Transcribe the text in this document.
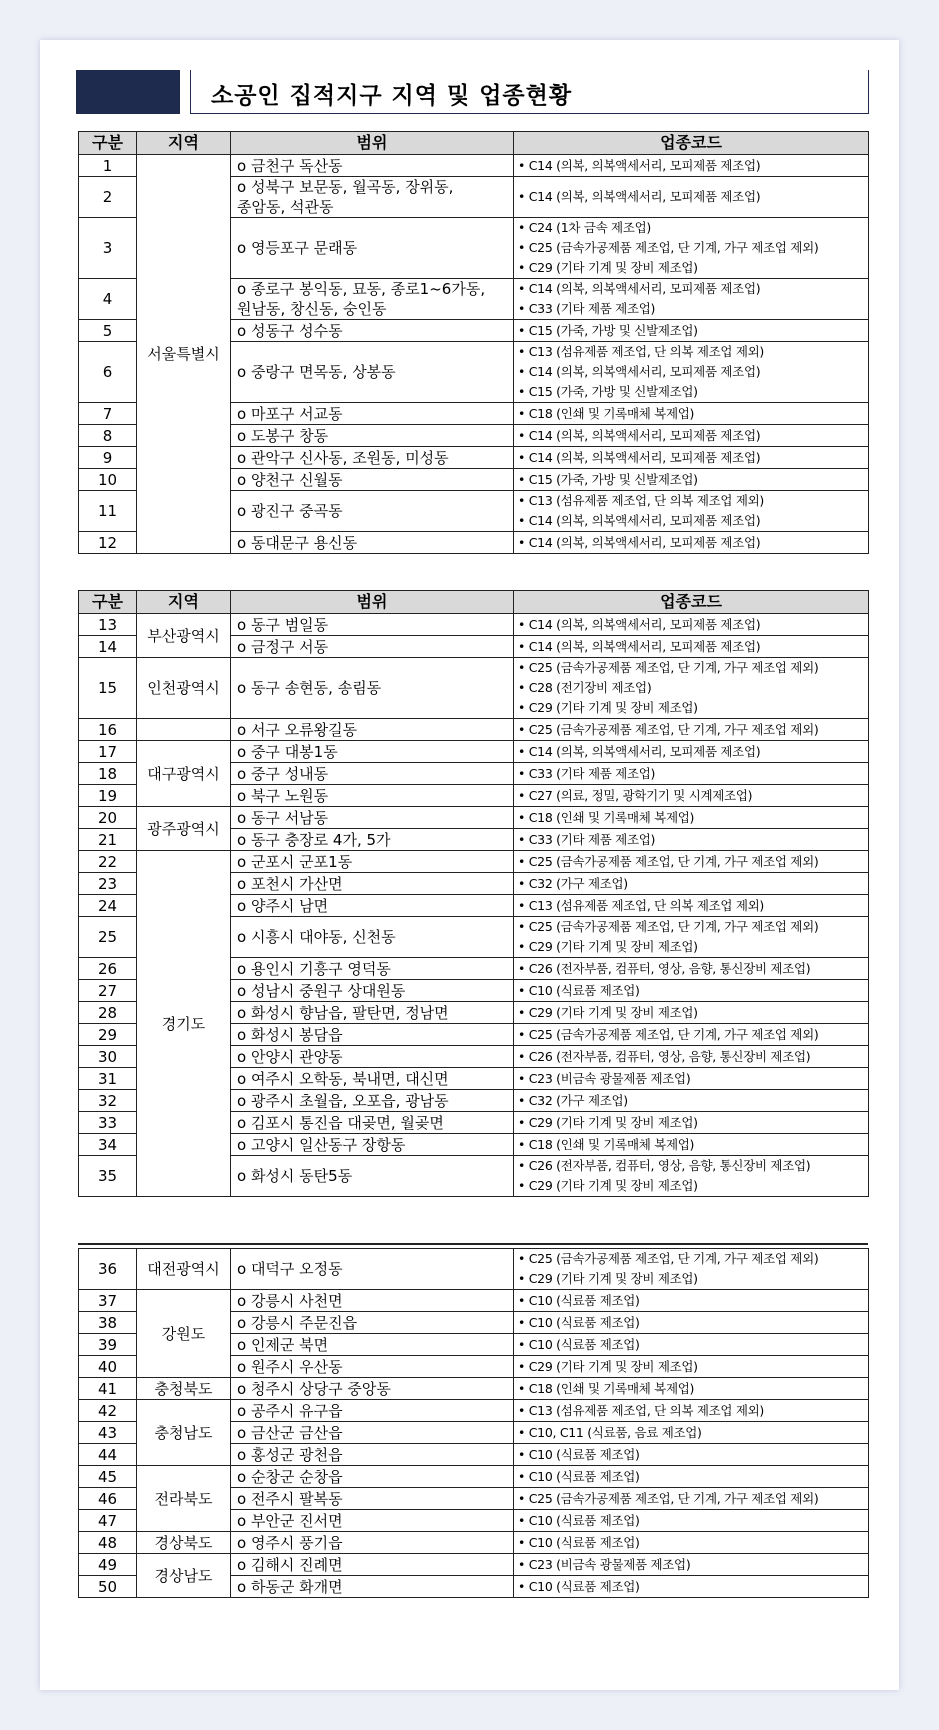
소공인 집적지구 지역 및 업종현황
구분	지역	범위	업종코드
1	서울특별시	o 금천구 독산동	• C14 (의복, 의복액세서리, 모피제품 제조업)

2		o 성북구 보문동, 월곡동, 장위동,
종암동, 석관동	• C14 (의복, 의복액세서리, 모피제품 제조업)

3		o 영등포구 문래동	• C24 (1차 금속 제조업)
• C25 (금속가공제품 제조업, 단 기계, 가구 제조업 제외)
• C29 (기타 기계 및 장비 제조업)

4		o 종로구 봉익동, 묘동, 종로1~6가동,
원남동, 창신동, 숭인동	• C14 (의복, 의복액세서리, 모피제품 제조업)
• C33 (기타 제품 제조업)

5		o 성동구 성수동	• C15 (가죽, 가방 및 신발제조업)

6		o 중랑구 면목동, 상봉동	• C13 (섬유제품 제조업, 단 의복 제조업 제외)
• C14 (의복, 의복액세서리, 모피제품 제조업)
• C15 (가죽, 가방 및 신발제조업)

7		o 마포구 서교동	• C18 (인쇄 및 기록매체 복제업)

8		o 도봉구 창동	• C14 (의복, 의복액세서리, 모피제품 제조업)

9		o 관악구 신사동, 조원동, 미성동	• C14 (의복, 의복액세서리, 모피제품 제조업)

10		o 양천구 신월동	• C15 (가죽, 가방 및 신발제조업)

11		o 광진구 중곡동	• C13 (섬유제품 제조업, 단 의복 제조업 제외)
• C14 (의복, 의복액세서리, 모피제품 제조업)

12		o 동대문구 용신동	• C14 (의복, 의복액세서리, 모피제품 제조업)
구분	지역	범위	업종코드
13	부산광역시	o 동구 범일동	• C14 (의복, 의복액세서리, 모피제품 제조업)

14		o 금정구 서동	• C14 (의복, 의복액세서리, 모피제품 제조업)

15	인천광역시	o 동구 송현동, 송림동	• C25 (금속가공제품 제조업, 단 기계, 가구 제조업 제외)
• C28 (전기장비 제조업)
• C29 (기타 기계 및 장비 제조업)

16		o 서구 오류왕길동	• C25 (금속가공제품 제조업, 단 기계, 가구 제조업 제외)

17	대구광역시	o 중구 대봉1동	• C14 (의복, 의복액세서리, 모피제품 제조업)

18		o 중구 성내동	• C33 (기타 제품 제조업)

19		o 북구 노원동	• C27 (의료, 정밀, 광학기기 및 시계제조업)

20	광주광역시	o 동구 서남동	• C18 (인쇄 및 기록매체 복제업)

21		o 동구 충장로 4가, 5가	• C33 (기타 제품 제조업)

22	경기도	o 군포시 군포1동	• C25 (금속가공제품 제조업, 단 기계, 가구 제조업 제외)

23		o 포천시 가산면	• C32 (가구 제조업)

24		o 양주시 남면	• C13 (섬유제품 제조업, 단 의복 제조업 제외)

25		o 시흥시 대야동, 신천동	• C25 (금속가공제품 제조업, 단 기계, 가구 제조업 제외)
• C29 (기타 기계 및 장비 제조업)

26		o 용인시 기흥구 영덕동	• C26 (전자부품, 컴퓨터, 영상, 음향, 통신장비 제조업)

27		o 성남시 중원구 상대원동	• C10 (식료품 제조업)

28		o 화성시 향남읍, 팔탄면, 정남면	• C29 (기타 기계 및 장비 제조업)

29		o 화성시 봉담읍	• C25 (금속가공제품 제조업, 단 기계, 가구 제조업 제외)

30		o 안양시 관양동	• C26 (전자부품, 컴퓨터, 영상, 음향, 통신장비 제조업)

31		o 여주시 오학동, 북내면, 대신면	• C23 (비금속 광물제품 제조업)

32		o 광주시 초월읍, 오포읍, 광남동	• C32 (가구 제조업)

33		o 김포시 통진읍 대곶면, 월곶면	• C29 (기타 기계 및 장비 제조업)

34		o 고양시 일산동구 장항동	• C18 (인쇄 및 기록매체 복제업)

35		o 화성시 동탄5동	• C26 (전자부품, 컴퓨터, 영상, 음향, 통신장비 제조업)
• C29 (기타 기계 및 장비 제조업)
36	대전광역시	o 대덕구 오정동	• C25 (금속가공제품 제조업, 단 기계, 가구 제조업 제외)
• C29 (기타 기계 및 장비 제조업)

37	강원도	o 강릉시 사천면	• C10 (식료품 제조업)

38		o 강릉시 주문진읍	• C10 (식료품 제조업)

39		o 인제군 북면	• C10 (식료품 제조업)

40		o 원주시 우산동	• C29 (기타 기계 및 장비 제조업)

41	충청북도	o 청주시 상당구 중앙동	• C18 (인쇄 및 기록매체 복제업)

42	충청남도	o 공주시 유구읍	• C13 (섬유제품 제조업, 단 의복 제조업 제외)

43		o 금산군 금산읍	• C10, C11 (식료품, 음료 제조업)

44		o 홍성군 광천읍	• C10 (식료품 제조업)

45	전라북도	o 순창군 순창읍	• C10 (식료품 제조업)

46		o 전주시 팔복동	• C25 (금속가공제품 제조업, 단 기계, 가구 제조업 제외)

47		o 부안군 진서면	• C10 (식료품 제조업)

48	경상북도	o 영주시 풍기읍	• C10 (식료품 제조업)

49	경상남도	o 김해시 진례면	• C23 (비금속 광물제품 제조업)

50		o 하동군 화개면	• C10 (식료품 제조업)
